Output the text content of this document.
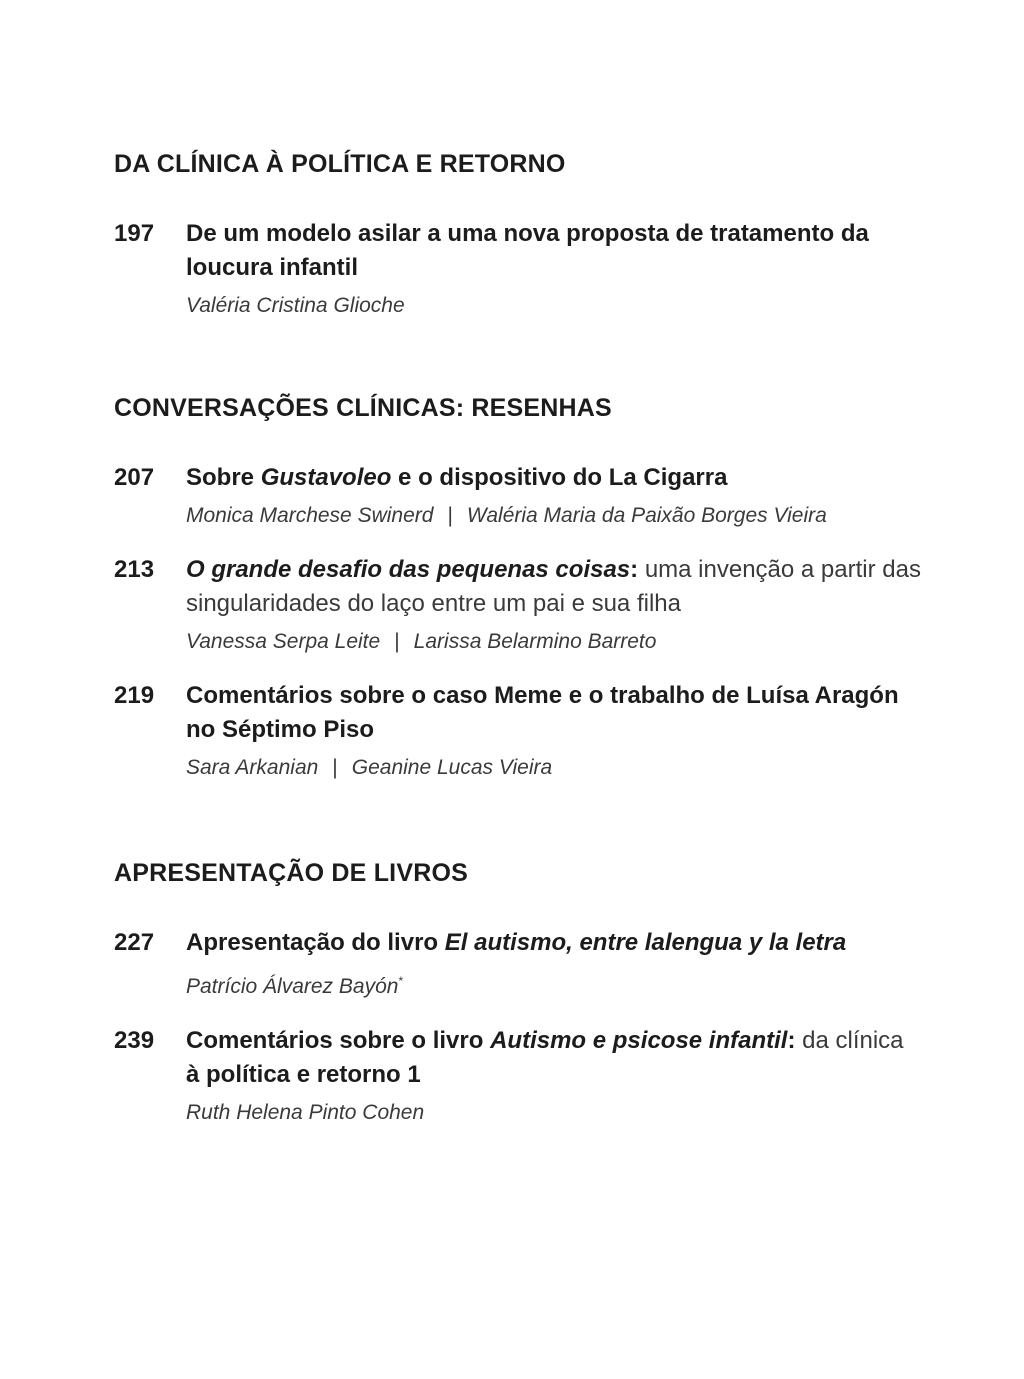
DA CLÍNICA À POLÍTICA E RETORNO
197 De um modelo asilar a uma nova proposta de tratamento da loucura infantil

Valéria Cristina Glioche
CONVERSAÇÕES CLÍNICAS: RESENHAS
207 Sobre Gustavoleo e o dispositivo do La Cigarra

Monica Marchese Swinerd | Waléria Maria da Paixão Borges Vieira
213 O grande desafio das pequenas coisas: uma invenção a partir das singularidades do laço entre um pai e sua filha

Vanessa Serpa Leite | Larissa Belarmino Barreto
219 Comentários sobre o caso Meme e o trabalho de Luísa Aragón no Séptimo Piso

Sara Arkanian | Geanine Lucas Vieira
APRESENTAÇÃO DE LIVROS
227 Apresentação do livro El autismo, entre lalengua y la letra

Patrício Álvarez Bayón*
239 Comentários sobre o livro Autismo e psicose infantil: da clínica
à política e retorno 1

Ruth Helena Pinto Cohen
